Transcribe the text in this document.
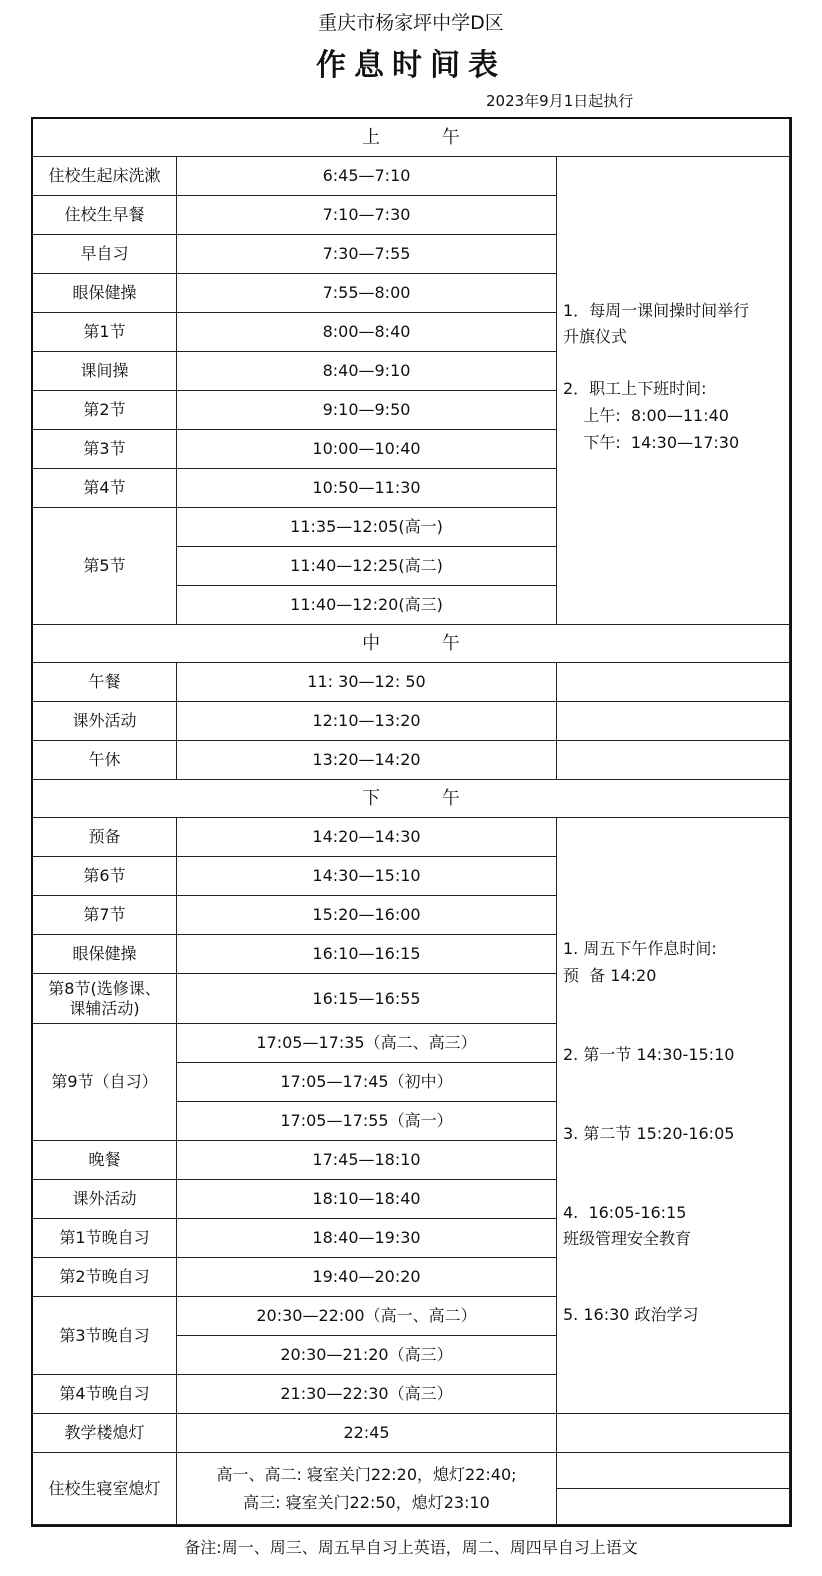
重庆市杨家坪中学D区
作息时间表
2023年9月1日起执行
上 午
住校生起床洗漱	6:45—7:10
住校生早餐	7:10—7:30
早自习	7:30—7:55
眼保健操	7:55—8:00
第1节	8:00—8:40
课间操	8:40—9:10
第2节	9:10—9:50
第3节	10:00—10:40
第4节	10:50—11:30
第5节
11:35—12:05(高一)
11:40—12:25(高二)
11:40—12:20(高三)
1．每周一课间操时间举行
升旗仪式
2．职工上下班时间:
上午:  8:00—11:40
下午:  14:30—17:30
中 午
午餐	11: 30—12: 50
课外活动	12:10—13:20
午休	13:20—14:20
下 午
预备	14:20—14:30
第6节	14:30—15:10
第7节	15:20—16:00
眼保健操	16:10—16:15
第8节(选修课、
课辅活动)
16:15—16:55
第9节（自习）
17:05—17:35（高二、高三）
17:05—17:45（初中）
17:05—17:55（高一）
晚餐	17:45—18:10
课外活动	18:10—18:40
第1节晚自习	18:40—19:30
第2节晚自习	19:40—20:20
第3节晚自习
20:30—22:00（高一、高二）
20:30—21:20（高三）
第4节晚自习	21:30—22:30（高三）
1. 周五下午作息时间:
预  备 14:20
2. 第一节 14:30-15:10
3. 第二节 15:20-16:05
4.  16:05-16:15
班级管理安全教育
5. 16:30 政治学习
教学楼熄灯	22:45
住校生寝室熄灯
高一、高二: 寝室关门22:20，熄灯22:40;
高三: 寝室关门22:50，熄灯23:10
备注:周一、周三、周五早自习上英语，周二、周四早自习上语文
